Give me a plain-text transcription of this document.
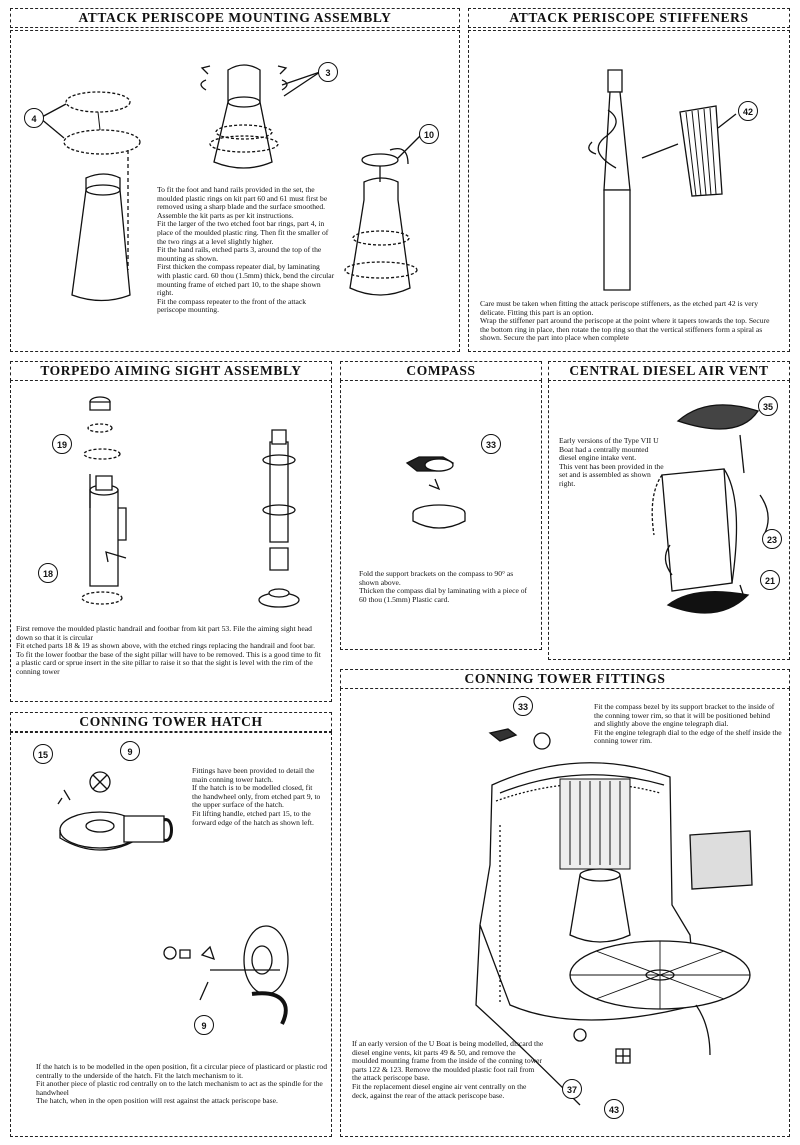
ATTACK PERISCOPE MOUNTING ASSEMBLY
4
3
10

To fit the foot and hand rails provided in the set, the moulded plastic rings on kit part 60 and 61 must first be removed using a sharp blade and the surface smoothed. Assemble the kit parts as per kit instructions.

Fit the larger of the two etched foot bar rings, part 4, in place of the moulded plastic ring. Then fit the smaller of the two rings at a level slightly higher.

Fit the hand rails, etched parts 3, around the top of the mounting as shown.

First thicken the compass repeater dial, by laminating with plastic card. 60 thou (1.5mm) thick, bend the circular mounting frame of etched part 10, to the shape shown right.

Fit the compass repeater to the front of the attack periscope mounting.

ATTACK PERISCOPE STIFFENERS
42

Care must be taken when fitting the attack periscope stiffeners, as the etched part 42 is very delicate. Fitting this part is an option.

Wrap the stiffener part around the periscope at the point where it tapers towards the top. Secure the bottom ring in place, then rotate the top ring so that the vertical stiffeners form a spiral as shown. Secure the part into place when complete

TORPEDO AIMING SIGHT ASSEMBLY
19
18

First remove the moulded plastic handrail and footbar from kit part 53. File the aiming sight head down so that it is circular

Fit etched parts 18 & 19 as shown above, with the etched rings replacing the handrail and foot bar.

To fit the lower footbar the base of the sight pillar will have to be removed. This is a good time to fit a plastic card or sprue insert in the site pillar to raise it so that the sight is level with the rim of the conning tower

COMPASS
33

Fold the support brackets on the compass to 90° as shown above.

Thicken the compass dial by laminating with a piece of 60 thou (1.5mm) Plastic card.

CENTRAL DIESEL AIR VENT
35
23
21

Early versions of the Type VII U Boat had a centrally mounted diesel engine intake vent.

This vent has been provided in the set and is assembled as shown right.

CONNING TOWER HATCH
15	9
9

Fittings have been provided to detail the main conning tower hatch.

If the hatch is to be modelled closed, fit the handwheel only, from etched part 9, to the upper surface of the hatch.

Fit lifting handle, etched part 15, to the forward edge of the hatch as shown left.

If the hatch is to be modelled in the open position, fit a circular piece of plasticard or plastic rod centrally to the underside of the hatch. Fit the latch mechanism to it.

Fit another piece of plastic rod centrally on to the latch mechanism to act as the spindle for the handwheel

The hatch, when in the open position will rest against the attack periscope base.

CONNING TOWER FITTINGS
33
37
43

Fit the compass bezel by its support bracket to the inside of the conning tower rim, so that it will be positioned behind and slightly above the engine telegraph dial.

Fit the engine telegraph dial to the edge of the shelf inside the conning tower rim.

If an early version of the U Boat is being modelled, discard the diesel engine vents, kit parts 49 & 50, and remove the moulded mounting frame from the inside of the conning tower parts 122 & 123. Remove the moulded plastic foot rail from the attack periscope base.

Fit the replacement diesel engine air vent centrally on the deck, against the rear of the attack periscope base.
